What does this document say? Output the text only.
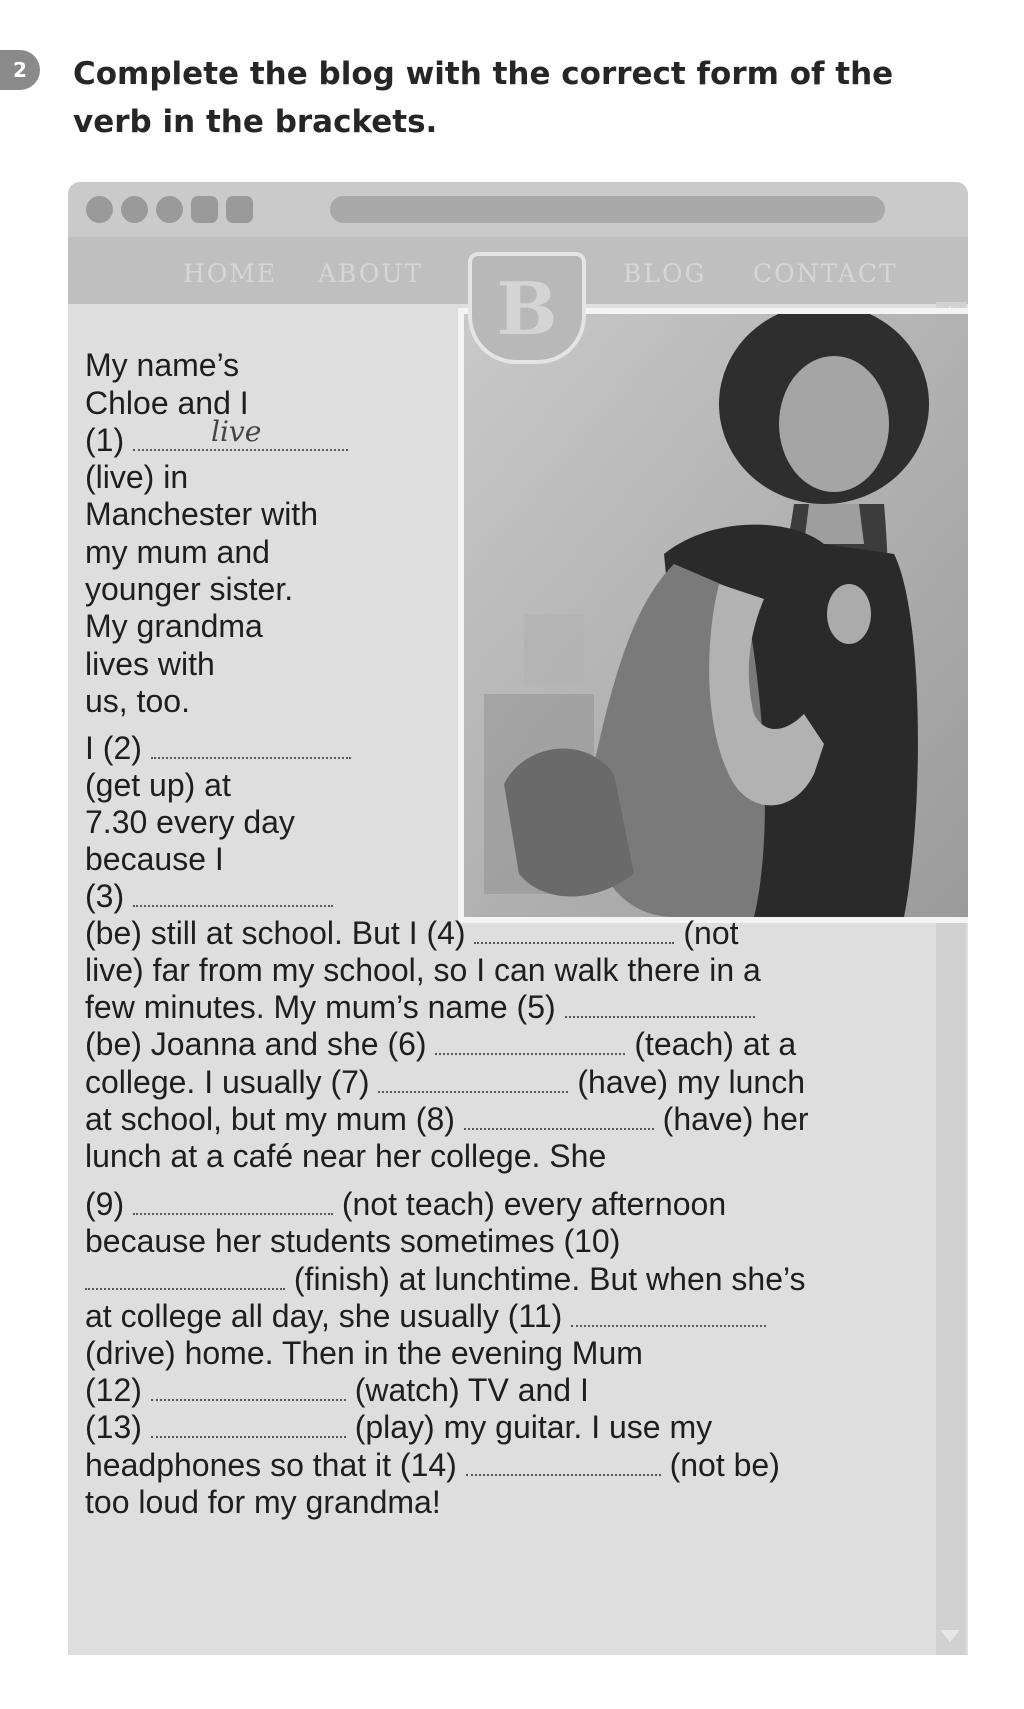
2	Complete the blog with the correct form of the verb in the brackets.
HOME ABOUT	BLOG CONTACT
B
My name’s
Chloe and I
(1)	live
(live) in
Manchester with
my mum and
younger sister.
My grandma
lives with
us, too.
I (2)
(get up) at
7.30 every day
because I
(3)
(be) still at school. But I (4)	(not
live) far from my school, so I can walk there in a
few minutes. My mum’s name (5)
(be) Joanna and she (6)	(teach) at a
college. I usually (7)	(have) my lunch
at school, but my mum (8)	(have) her
lunch at a café near her college. She
(9)	(not teach) every afternoon
because her students sometimes (10)
(finish) at lunchtime. But when she’s
at college all day, she usually (11)
(drive) home. Then in the evening Mum
(12)	(watch) TV and I
(13)	(play) my guitar. I use my
headphones so that it (14)	(not be)
too loud for my grandma!
